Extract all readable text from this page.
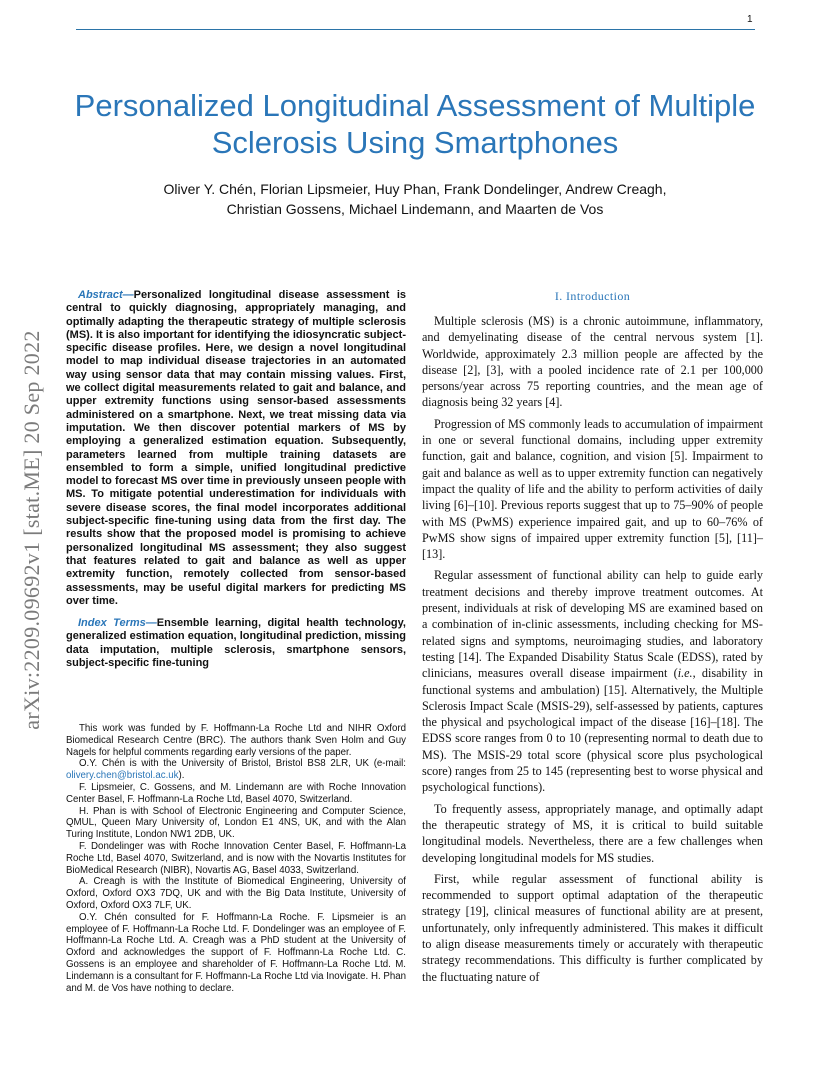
1
Personalized Longitudinal Assessment of Multiple Sclerosis Using Smartphones
Oliver Y. Chén, Florian Lipsmeier, Huy Phan, Frank Dondelinger, Andrew Creagh,
Christian Gossens, Michael Lindemann, and Maarten de Vos
arXiv:2209.09692v1 [stat.ME] 20 Sep 2022

Abstract—Personalized longitudinal disease assessment is central to quickly diagnosing, appropriately managing, and optimally adapting the therapeutic strategy of multiple sclerosis (MS). It is also important for identifying the idiosyncratic subject-specific disease profiles. Here, we design a novel longitudinal model to map individual disease trajectories in an automated way using sensor data that may contain missing values. First, we collect digital measurements related to gait and balance, and upper extremity functions using sensor-based assessments administered on a smartphone. Next, we treat missing data via imputation. We then discover potential markers of MS by employing a generalized estimation equation. Subsequently, parameters learned from multiple training datasets are ensembled to form a simple, unified longitudinal predictive model to forecast MS over time in previously unseen people with MS. To mitigate potential underestimation for individuals with severe disease scores, the final model incorporates additional subject-specific fine-tuning using data from the first day. The results show that the proposed model is promising to achieve personalized longitudinal MS assessment; they also suggest that features related to gait and balance as well as upper extremity function, remotely collected from sensor-based assessments, may be useful digital markers for predicting MS over time.

Index Terms—Ensemble learning, digital health technology, generalized estimation equation, longitudinal prediction, missing data imputation, multiple sclerosis, smartphone sensors, subject-specific fine-tuning

This work was funded by F. Hoffmann-La Roche Ltd and NIHR Oxford Biomedical Research Centre (BRC). The authors thank Sven Holm and Guy Nagels for helpful comments regarding early versions of the paper.

O.Y. Chén is with the University of Bristol, Bristol BS8 2LR, UK (e-mail: olivery.chen@bristol.ac.uk).

F. Lipsmeier, C. Gossens, and M. Lindemann are with Roche Innovation Center Basel, F. Hoffmann-La Roche Ltd, Basel 4070, Switzerland.

H. Phan is with School of Electronic Engineering and Computer Science, QMUL, Queen Mary University of, London E1 4NS, UK, and with the Alan Turing Institute, London NW1 2DB, UK.

F. Dondelinger was with Roche Innovation Center Basel, F. Hoffmann-La Roche Ltd, Basel 4070, Switzerland, and is now with the Novartis Institutes for BioMedical Research (NIBR), Novartis AG, Basel 4033, Switzerland.

A. Creagh is with the Institute of Biomedical Engineering, University of Oxford, Oxford OX3 7DQ, UK and with the Big Data Institute, University of Oxford, Oxford OX3 7LF, UK.

O.Y. Chén consulted for F. Hoffmann-La Roche. F. Lipsmeier is an employee of F. Hoffmann-La Roche Ltd. F. Dondelinger was an employee of F. Hoffmann-La Roche Ltd. A. Creagh was a PhD student at the University of Oxford and acknowledges the support of F. Hoffmann-La Roche Ltd. C. Gossens is an employee and shareholder of F. Hoffmann-La Roche Ltd. M. Lindemann is a consultant for F. Hoffmann-La Roche Ltd via Inovigate. H. Phan and M. de Vos have nothing to declare.

I. Introduction

Multiple sclerosis (MS) is a chronic autoimmune, inflammatory, and demyelinating disease of the central nervous system [1]. Worldwide, approximately 2.3 million people are affected by the disease [2], [3], with a pooled incidence rate of 2.1 per 100,000 persons/year across 75 reporting countries, and the mean age of diagnosis being 32 years [4].

Progression of MS commonly leads to accumulation of impairment in one or several functional domains, including upper extremity function, gait and balance, cognition, and vision [5]. Impairment to gait and balance as well as to upper extremity function can negatively impact the quality of life and the ability to perform activities of daily living [6]–[10]. Previous reports suggest that up to 75–90% of people with MS (PwMS) experience impaired gait, and up to 60–76% of PwMS show signs of impaired upper extremity function [5], [11]–[13].

Regular assessment of functional ability can help to guide early treatment decisions and thereby improve treatment outcomes. At present, individuals at risk of developing MS are examined based on a combination of in-clinic assessments, including checking for MS-related signs and symptoms, neuroimaging studies, and laboratory testing [14]. The Expanded Disability Status Scale (EDSS), rated by clinicians, measures overall disease impairment (i.e., disability in functional systems and ambulation) [15]. Alternatively, the Multiple Sclerosis Impact Scale (MSIS-29), self-assessed by patients, captures the physical and psychological impact of the disease [16]–[18]. The EDSS score ranges from 0 to 10 (representing normal to death due to MS). The MSIS-29 total score (physical score plus psychological score) ranges from 25 to 145 (representing best to worse physical and psychological functions).

To frequently assess, appropriately manage, and optimally adapt the therapeutic strategy of MS, it is critical to build suitable longitudinal models. Nevertheless, there are a few challenges when developing longitudinal models for MS studies.

First, while regular assessment of functional ability is recommended to support optimal adaptation of the therapeutic strategy [19], clinical measures of functional ability are at present, unfortunately, only infrequently administered. This makes it difficult to align disease measurements timely or accurately with therapeutic strategy recommendations. This difficulty is further complicated by the fluctuating nature of
